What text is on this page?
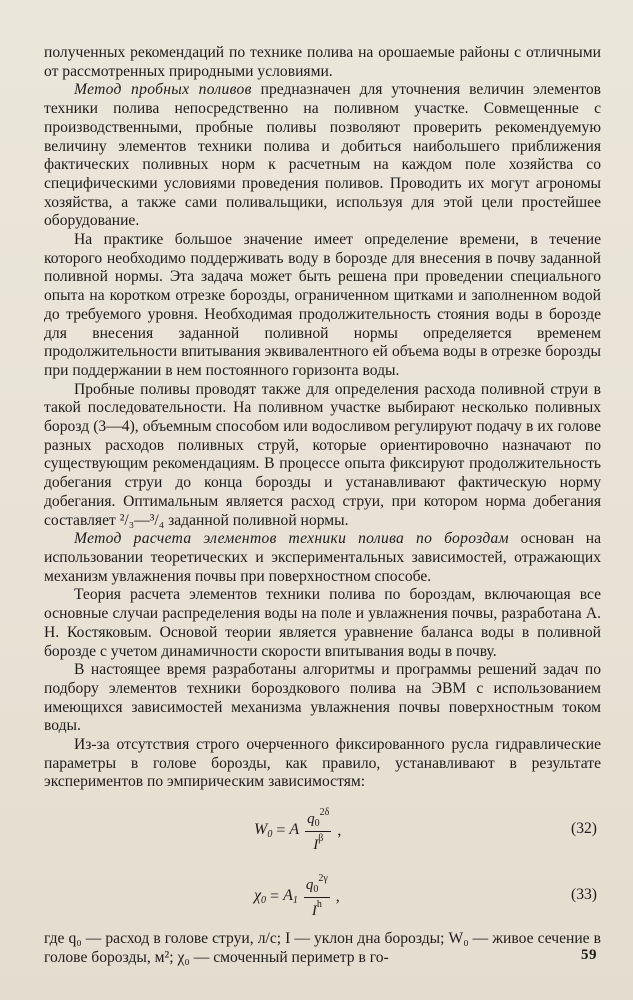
полученных рекомендаций по технике полива на орошаемые районы с отличными от рассмотренных природными условиями.

Метод пробных поливов предназначен для уточнения величин элементов техники полива непосредственно на поливном участке. Совмещенные с производственными, пробные поливы позволяют проверить рекомендуемую величину элементов техники полива и добиться наибольшего приближения фактических поливных норм к расчетным на каждом поле хозяйства со специфическими условиями проведения поливов. Проводить их могут агрономы хозяйства, а также сами поливальщики, используя для этой цели простейшее оборудование.

На практике большое значение имеет определение времени, в течение которого необходимо поддерживать воду в борозде для внесения в почву заданной поливной нормы. Эта задача может быть решена при проведении специального опыта на коротком отрезке борозды, ограниченном щитками и заполненном водой до требуемого уровня. Необходимая продолжительность стояния воды в борозде для внесения заданной поливной нормы определяется временем продолжительности впитывания эквивалентного ей объема воды в отрезке борозды при поддержании в нем постоянного горизонта воды.

Пробные поливы проводят также для определения расхода поливной струи в такой последовательности. На поливном участке выбирают несколько поливных борозд (3—4), объемным способом или водосливом регулируют подачу в их голове разных расходов поливных струй, которые ориентировочно назначают по существующим рекомендациям. В процессе опыта фиксируют продолжительность добегания струи до конца борозды и устанавливают фактическую норму добегания. Оптимальным является расход струи, при котором норма добегания составляет ²/₃—³/₄ заданной поливной нормы.

Метод расчета элементов техники полива по бороздам основан на использовании теоретических и экспериментальных зависимостей, отражающих механизм увлажнения почвы при поверхностном способе.

Теория расчета элементов техники полива по бороздам, включающая все основные случаи распределения воды на поле и увлажнения почвы, разработана А. Н. Костяковым. Основой теории является уравнение баланса воды в поливной борозде с учетом динамичности скорости впитывания воды в почву.

В настоящее время разработаны алгоритмы и программы решений задач по подбору элементов техники бороздкового полива на ЭВМ с использованием имеющихся зависимостей механизма увлажнения почвы поверхностным током воды.

Из-за отсутствия строго очерченного фиксированного русла гидравлические параметры в голове борозды, как правило, устанавливают в результате экспериментов по эмпирическим зависимостям:

$W_0 = A \frac{q_0^{2\delta}}{I^\beta}$ ,	(32)
$\chi_0 = A_1 \frac{q_0^{2\gamma}}{I^h}$ ,	(33)

где q₀ — расход в голове струи, л/с; I — уклон дна борозды; W₀ — живое сечение в голове борозды, м²; χ₀ — смоченный периметр в го-	59
